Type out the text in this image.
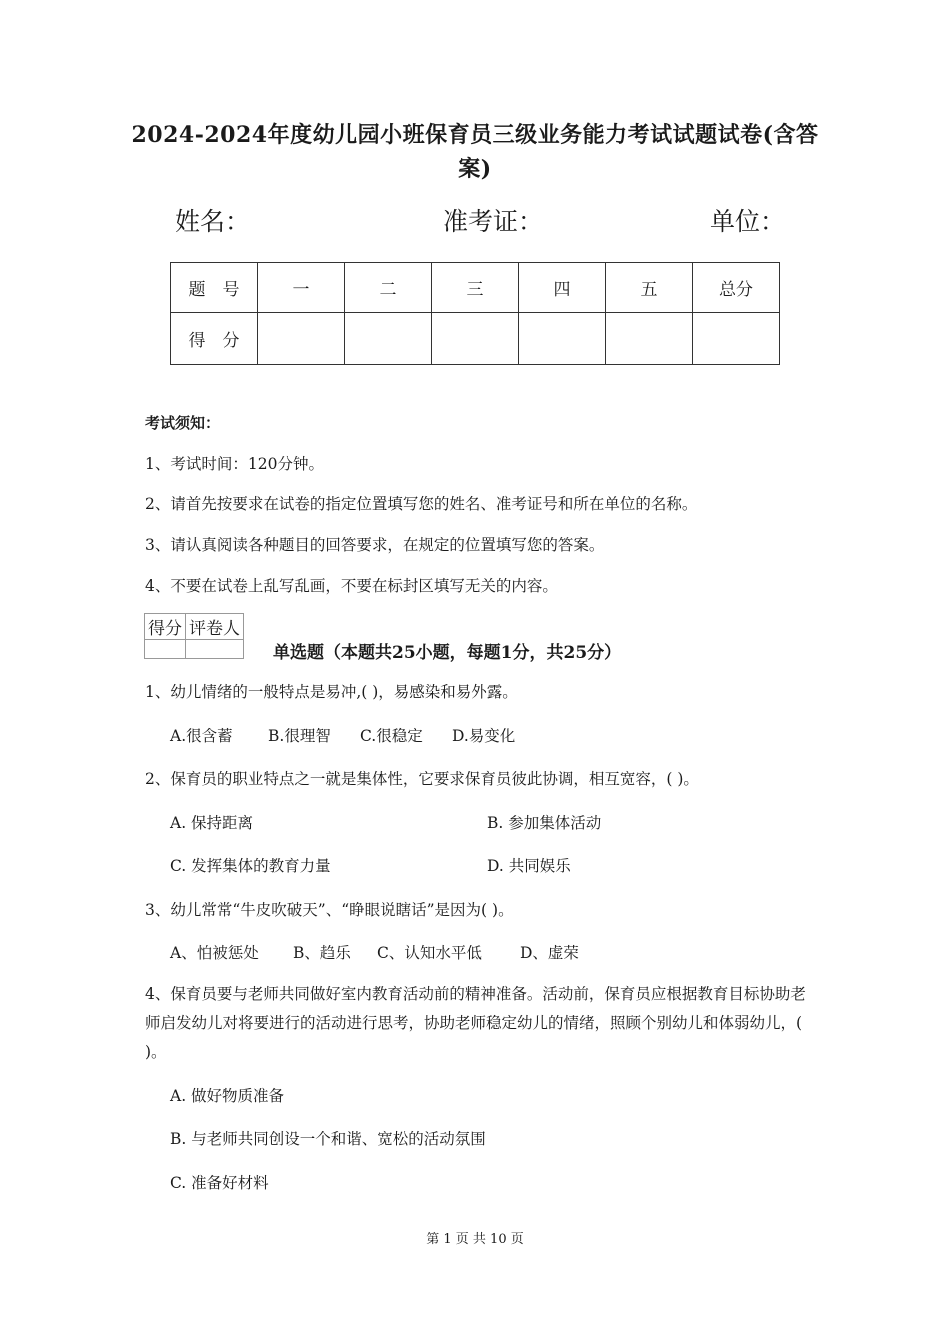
2024-2024年度幼儿园小班保育员三级业务能力考试试题试卷(含答案)
姓名：	准考证：	单位：
题　号	一	二	三	四	五	总分
得　分						
考试须知：
1、考试时间：120分钟。
2、请首先按要求在试卷的指定位置填写您的姓名、准考证号和所在单位的名称。
3、请认真阅读各种题目的回答要求，在规定的位置填写您的答案。
4、不要在试卷上乱写乱画，不要在标封区填写无关的内容。
得分	评卷人

单选题（本题共25小题，每题1分，共25分）
1、幼儿情绪的一般特点是易冲,( )，易感染和易外露。
A.很含蓄 B.很理智 C.很稳定 D.易变化
2、保育员的职业特点之一就是集体性，它要求保育员彼此协调，相互宽容，( )。
A. 保持距离	B. 参加集体活动
C. 发挥集体的教育力量	D. 共同娱乐
3、幼儿常常“牛皮吹破天”、“睁眼说瞎话”是因为( )。
A、怕被惩处 B、趋乐 C、认知水平低 D、虚荣
4、保育员要与老师共同做好室内教育活动前的精神准备。活动前，保育员应根据教育目标协助老师启发幼儿对将要进行的活动进行思考，协助老师稳定幼儿的情绪，照顾个别幼儿和体弱幼儿，( )。
A. 做好物质准备
B. 与老师共同创设一个和谐、宽松的活动氛围
C. 准备好材料
第 1 页 共 10 页
